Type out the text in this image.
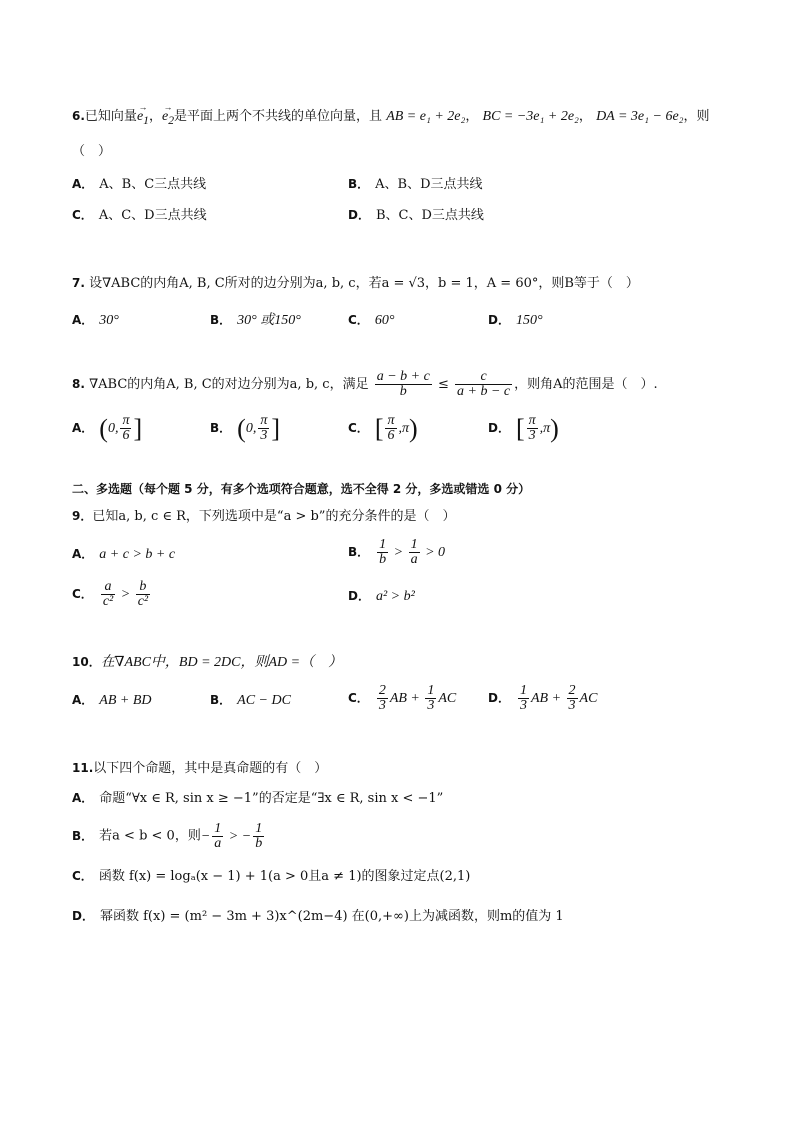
6.已知向量→ $e_1$，→ $e_2$是平面上两个不共线的单位向量，且 AB = e₁ + 2e₂， BC = −3e₁ + 2e₂， DA = 3e₁ − 6e₂，则
（　）
A． A、B、C三点共线	B． A、B、D三点共线
C． A、C、D三点共线	D． B、C、D三点共线
7. 设∇ABC的内角A, B, C所对的边分别为a, b, c，若a = √3，b = 1，A = 60°，则B等于（　）
A． 30°	B． 30° 或150°	C． 60°	D． 150°
8. ∇ABC的内角A, B, C的对边分别为a, b, c，满足 $\frac{a - b + c}{b} \le \frac{c}{a + b - c}$ ，则角A的范围是（　）.
A． (0, $\frac{\pi}{6}$ ]	B． (0, $\frac{\pi}{3}$ ]	C． [ $\frac{\pi}{6} ,\pi$)	D． [ $\frac{\pi}{3} ,\pi$)
二、多选题（每个题 5 分，有多个选项符合题意，选不全得 2 分，多选或错选 0 分）
9．已知a, b, c ∈ R，下列选项中是“a > b”的充分条件的是（　）
A． a + c > b + c	B． $\frac{1}{b} > \frac{1}{a} > 0$
C． $\frac{a}{\text{c²}} > \frac{b}{\text{c²}}$	D． a² > b²
10．在∇ABC中，BD = 2DC，则AD =（　）
A． AB + BD	B． AC − DC	C． $\frac{2}{3}$ AB + $\frac{1}{3}$ AC	D． $\frac{1}{3}$ AB + $\frac{2}{3}$ AC
11.以下四个命题，其中是真命题的有（　）
A． 命题“∀x ∈ R, sin x ≥ −1”的否定是“∃x ∈ R, sin x < −1”
B． 若a < b < 0，则− $\frac{1}{a}$ > − $\frac{1}{b}$
C． 函数 f(x) = logₐ(x − 1) + 1(a > 0且a ≠ 1)的图象过定点(2,1)
D． 幂函数 f(x) = (m² − 3m + 3)x^(2m−4) 在(0,+∞)上为减函数，则m的值为 1
